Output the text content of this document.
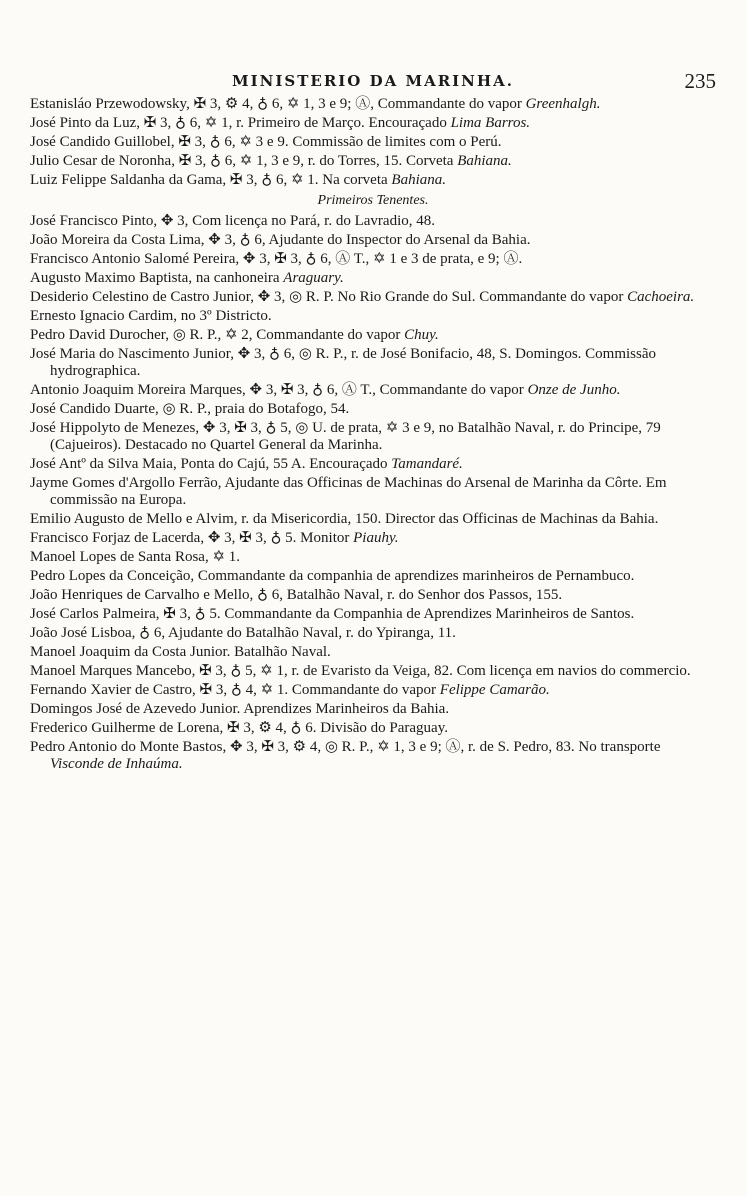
MINISTERIO DA MARINHA.	235
Estanisláo Przewodowsky, ✠ 3, ⚙ 4, ♁ 6, ✡ 1, 3 e 9; Ⓐ, Commandante do vapor Greenhalgh.
José Pinto da Luz, ✠ 3, ♁ 6, ✡ 1, r. Primeiro de Março. Encouraçado Lima Barros.
José Candido Guillobel, ✠ 3, ♁ 6, ✡ 3 e 9. Commissão de limites com o Perú.
Julio Cesar de Noronha, ✠ 3, ♁ 6, ✡ 1, 3 e 9, r. do Torres, 15. Corveta Bahiana.
Luiz Felippe Saldanha da Gama, ✠ 3, ♁ 6, ✡ 1. Na corveta Bahiana.
Primeiros Tenentes.
José Francisco Pinto, ✥ 3, Com licença no Pará, r. do Lavradio, 48.
João Moreira da Costa Lima, ✥ 3, ♁ 6, Ajudante do Inspector do Arsenal da Bahia.
Francisco Antonio Salomé Pereira, ✥ 3, ✠ 3, ♁ 6, Ⓐ T., ✡ 1 e 3 de prata, e 9; Ⓐ.
Augusto Maximo Baptista, na canhoneira Araguary.
Desiderio Celestino de Castro Junior, ✥ 3, ◎ R. P. No Rio Grande do Sul. Commandante do vapor Cachoeira.
Ernesto Ignacio Cardim, no 3º Districto.
Pedro David Durocher, ◎ R. P., ✡ 2, Commandante do vapor Chuy.
José Maria do Nascimento Junior, ✥ 3, ♁ 6, ◎ R. P., r. de José Bonifacio, 48, S. Domingos. Commissão hydrographica.
Antonio Joaquim Moreira Marques, ✥ 3, ✠ 3, ♁ 6, Ⓐ T., Commandante do vapor Onze de Junho.
José Candido Duarte, ◎ R. P., praia do Botafogo, 54.
José Hippolyto de Menezes, ✥ 3, ✠ 3, ♁ 5, ◎ U. de prata, ✡ 3 e 9, no Batalhão Naval, r. do Principe, 79 (Cajueiros). Destacado no Quartel General da Marinha.
José Antº da Silva Maia, Ponta do Cajú, 55 A. Encouraçado Tamandaré.
Jayme Gomes d'Argollo Ferrão, Ajudante das Officinas de Machinas do Arsenal de Marinha da Côrte. Em commissão na Europa.
Emilio Augusto de Mello e Alvim, r. da Misericordia, 150. Director das Officinas de Machinas da Bahia.
Francisco Forjaz de Lacerda, ✥ 3, ✠ 3, ♁ 5. Monitor Piauhy.
Manoel Lopes de Santa Rosa, ✡ 1.
Pedro Lopes da Conceição, Commandante da companhia de aprendizes marinheiros de Pernambuco.
João Henriques de Carvalho e Mello, ♁ 6, Batalhão Naval, r. do Senhor dos Passos, 155.
José Carlos Palmeira, ✠ 3, ♁ 5. Commandante da Companhia de Aprendizes Marinheiros de Santos.
João José Lisboa, ♁ 6, Ajudante do Batalhão Naval, r. do Ypiranga, 11.
Manoel Joaquim da Costa Junior. Batalhão Naval.
Manoel Marques Mancebo, ✠ 3, ♁ 5, ✡ 1, r. de Evaristo da Veiga, 82. Com licença em navios do commercio.
Fernando Xavier de Castro, ✠ 3, ♁ 4, ✡ 1. Commandante do vapor Felippe Camarão.
Domingos José de Azevedo Junior. Aprendizes Marinheiros da Bahia.
Frederico Guilherme de Lorena, ✠ 3, ⚙ 4, ♁ 6. Divisão do Paraguay.
Pedro Antonio do Monte Bastos, ✥ 3, ✠ 3, ⚙ 4, ◎ R. P., ✡ 1, 3 e 9; Ⓐ, r. de S. Pedro, 83. No transporte Visconde de Inhaúma.
